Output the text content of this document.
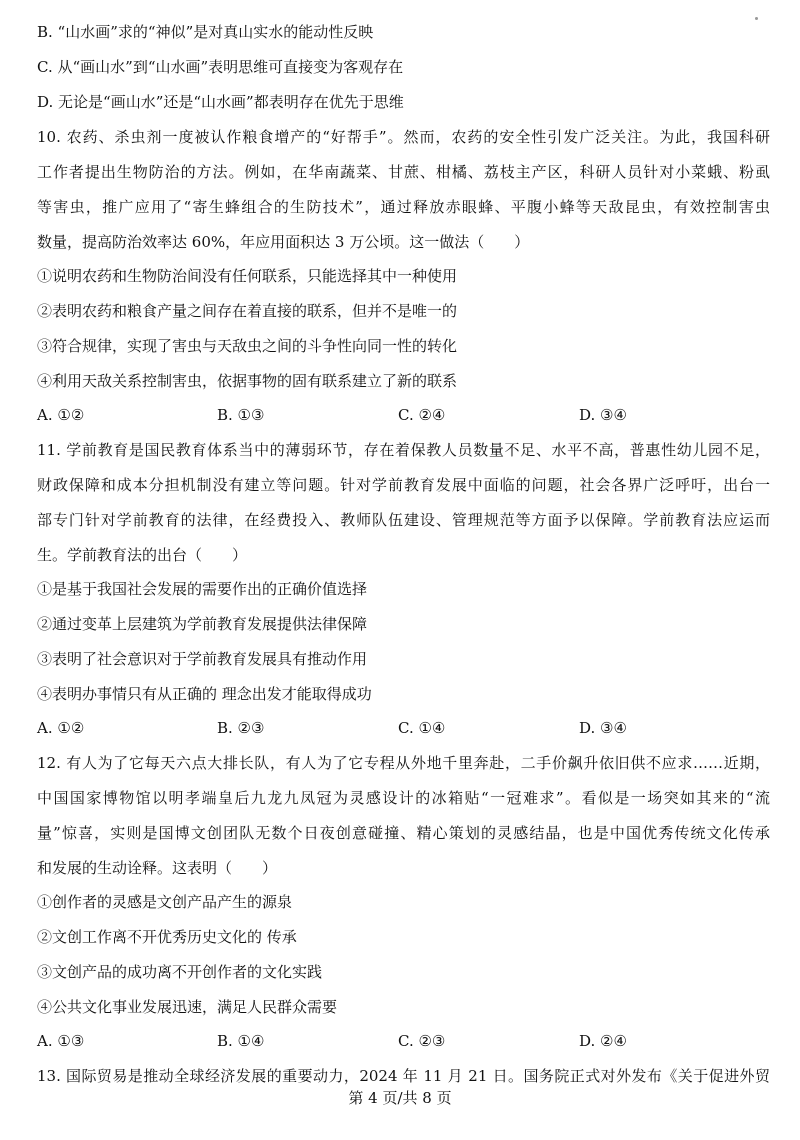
B. “山水画”求的“神似”是对真山实水的能动性反映
C. 从“画山水”到“山水画”表明思维可直接变为客观存在
D. 无论是“画山水”还是“山水画”都表明存在优先于思维
10. 农药、杀虫剂一度被认作粮食增产的“好帮手”。然而，农药的安全性引发广泛关注。为此，我国科研
工作者提出生物防治的方法。例如，在华南蔬菜、甘蔗、柑橘、荔枝主产区，科研人员针对小菜蛾、粉虱
等害虫，推广应用了“寄生蜂组合的生防技术”，通过释放赤眼蜂、平腹小蜂等天敌昆虫，有效控制害虫
数量，提高防治效率达 60%，年应用面积达 3 万公顷。这一做法（　　）
①说明农药和生物防治间没有任何联系，只能选择其中一种使用
②表明农药和粮食产量之间存在着直接的联系，但并不是唯一的
③符合规律，实现了害虫与天敌虫之间的斗争性向同一性的转化
④利用天敌关系控制害虫，依据事物的固有联系建立了新的联系
A. ①②	B. ①③	C. ②④	D. ③④
11. 学前教育是国民教育体系当中的薄弱环节，存在着保教人员数量不足、水平不高，普惠性幼儿园不足，
财政保障和成本分担机制没有建立等问题。针对学前教育发展中面临的问题，社会各界广泛呼吁，出台一
部专门针对学前教育的法律，在经费投入、教师队伍建设、管理规范等方面予以保障。学前教育法应运而
生。学前教育法的出台（　　）
①是基于我国社会发展的需要作出的正确价值选择
②通过变革上层建筑为学前教育发展提供法律保障
③表明了社会意识对于学前教育发展具有推动作用
④表明办事情只有从正确的 理念出发才能取得成功
A. ①②	B. ②③	C. ①④	D. ③④
12. 有人为了它每天六点大排长队，有人为了它专程从外地千里奔赴，二手价飙升依旧供不应求……近期，
中国国家博物馆以明孝端皇后九龙九凤冠为灵感设计的冰箱贴“一冠难求”。看似是一场突如其来的“流
量”惊喜，实则是国博文创团队无数个日夜创意碰撞、精心策划的灵感结晶，也是中国优秀传统文化传承
和发展的生动诠释。这表明（　　）
①创作者的灵感是文创产品产生的源泉
②文创工作离不开优秀历史文化的 传承
③文创产品的成功离不开创作者的文化实践
④公共文化事业发展迅速，满足人民群众需要
A. ①③	B. ①④	C. ②③	D. ②④
13. 国际贸易是推动全球经济发展的重要动力，2024 年 11 月 21 日。国务院正式对外发布《关于促进外贸
第 4 页/共 8 页
